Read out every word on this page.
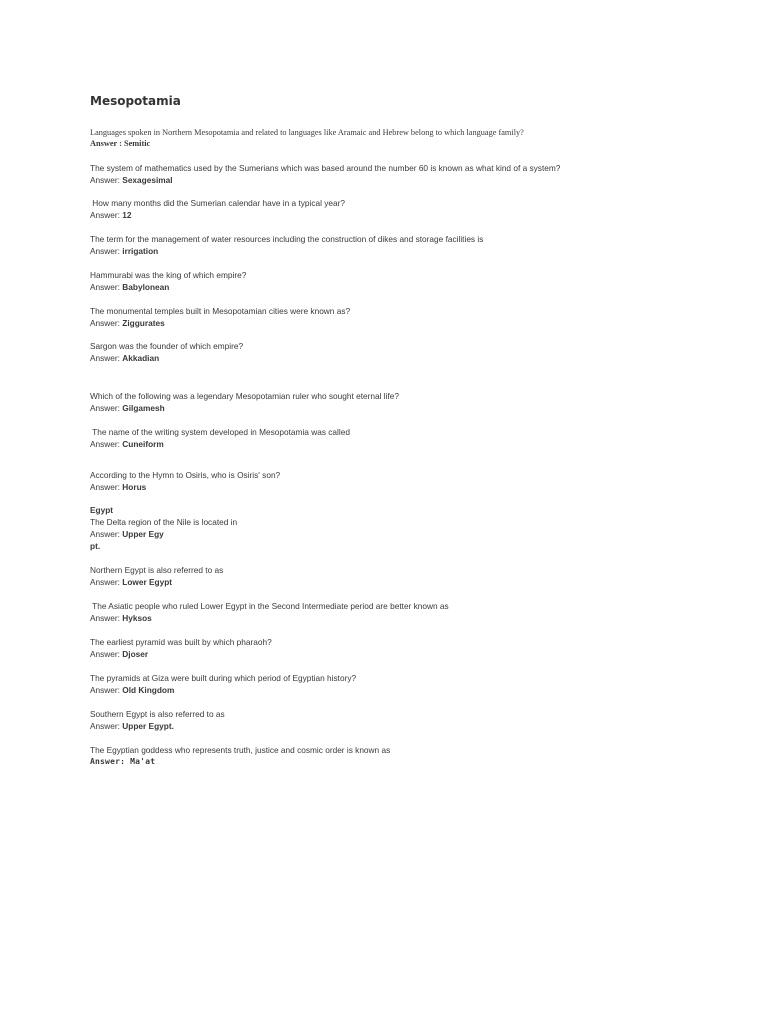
Mesopotamia
Languages spoken in Northern Mesopotamia and related to languages like Aramaic and Hebrew belong to which language family?
Answer : Semitic
The system of mathematics used by the Sumerians which was based around the number 60 is known as what kind of a system?
Answer: Sexagesimal
How many months did the Sumerian calendar have in a typical year?
Answer: 12
The term for the management of water resources including the construction of dikes and storage facilities is
Answer: irrigation
Hammurabi was the king of which empire?
Answer: Babylonean
The monumental temples built in Mesopotamian cities were known as?
Answer: Ziggurates
Sargon was the founder of which empire?
Answer: Akkadian
Which of the following was a legendary Mesopotamian ruler who sought eternal life?
Answer: Gilgamesh
The name of the writing system developed in Mesopotamia was called
Answer: Cuneiform
According to the Hymn to Osiris, who is Osiris' son?
Answer: Horus
Egypt
The Delta region of the Nile is located in
Answer: Upper Egy
pt.
Northern Egypt is also referred to as
Answer: Lower Egypt
The Asiatic people who ruled Lower Egypt in the Second Intermediate period are better known as
Answer: Hyksos
The earliest pyramid was built by which pharaoh?
Answer: Djoser
The pyramids at Giza were built during which period of Egyptian history?
Answer: Old Kingdom
Southern Egypt is also referred to as
Answer: Upper Egypt.
The Egyptian goddess who represents truth, justice and cosmic order is known as
Answer: Ma'at
